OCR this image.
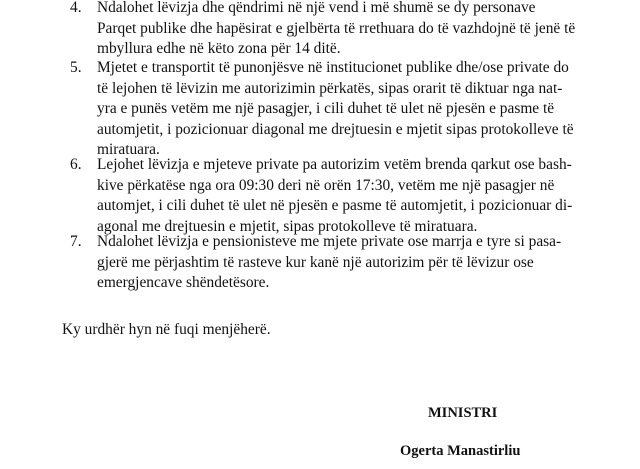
4. Ndalohet lëvizja dhe qëndrimi në një vend i më shumë se dy personave
Parqet publike dhe hapësirat e gjelbërta të rrethuara do të vazhdojnë të jenë të
mbyllura edhe në këto zona për 14 ditë.
5. Mjetet e transportit të punonjësve në institucionet publike dhe/ose private do
të lejohen të lëvizin me autorizimin përkatës, sipas orarit të diktuar nga nat-
yra e punës vetëm me një pasagjer, i cili duhet të ulet në pjesën e pasme të
automjetit, i pozicionuar diagonal me drejtuesin e mjetit sipas protokolleve të
miratuara.
6. Lejohet lëvizja e mjeteve private pa autorizim vetëm brenda qarkut ose bash-
kive përkatëse nga ora 09:30 deri në orën 17:30, vetëm me një pasagjer në
automjet, i cili duhet të ulet në pjesën e pasme të automjetit, i pozicionuar di-
agonal me drejtuesin e mjetit, sipas protokolleve të miratuara.
7. Ndalohet lëvizja e pensionisteve me mjete private ose marrja e tyre si pasa-
gjerë me përjashtim të rasteve kur kanë një autorizim për të lëvizur ose
emergjencave shëndetësore.
Ky urdhër hyn në fuqi menjëherë.
MINISTRI
Ogerta Manastirliu
